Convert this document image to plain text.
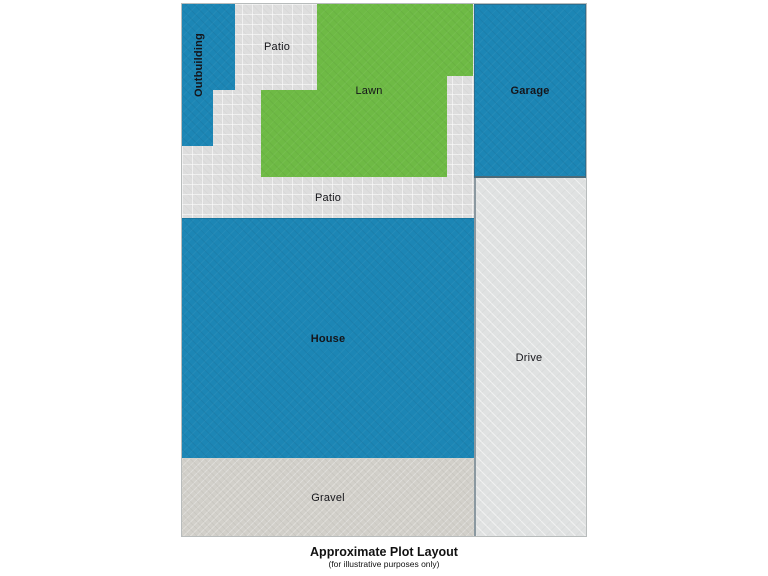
Outbuilding	Patio
Lawn	Garage
Patio
House
Drive
Gravel
Approximate Plot Layout
(for illustrative purposes only)
